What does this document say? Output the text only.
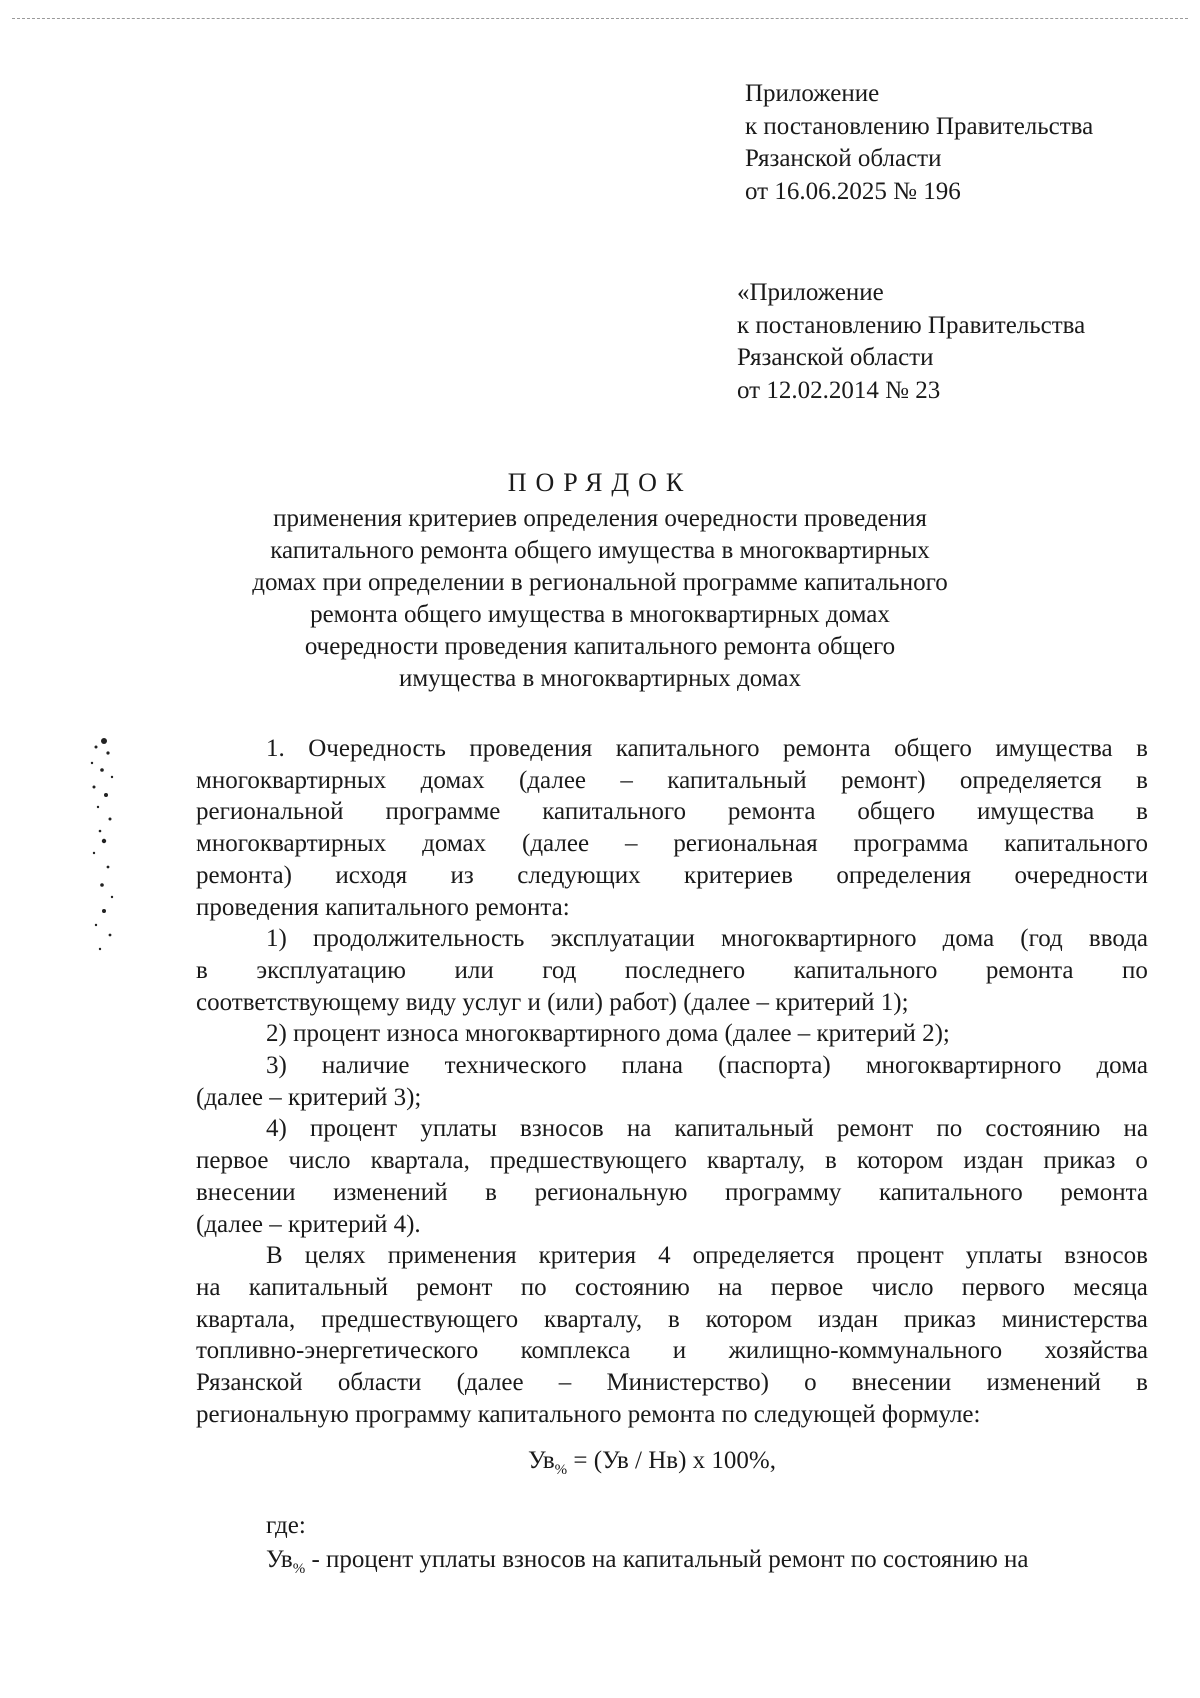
Приложение
к постановлению Правительства
Рязанской области
от 16.06.2025 № 196
«Приложение
к постановлению Правительства
Рязанской области
от 12.02.2014 № 23
ПОРЯДОК
применения критериев определения очередности проведения
капитального ремонта общего имущества в многоквартирных
домах при определении в региональной программе капитального
ремонта общего имущества в многоквартирных домах
очередности проведения капитального ремонта общего
имущества в многоквартирных домах
1. Очередность проведения капитального ремонта общего имущества в
многоквартирных домах (далее – капитальный ремонт) определяется в
региональной программе капитального ремонта общего имущества в
многоквартирных домах (далее – региональная программа капитального
ремонта) исходя из следующих критериев определения очередности
проведения капитального ремонта:
1) продолжительность эксплуатации многоквартирного дома (год ввода
в эксплуатацию или год последнего капитального ремонта по
соответствующему виду услуг и (или) работ) (далее – критерий 1);
2) процент износа многоквартирного дома (далее – критерий 2);
3) наличие технического плана (паспорта) многоквартирного дома
(далее – критерий 3);
4) процент уплаты взносов на капитальный ремонт по состоянию на
первое число квартала, предшествующего кварталу, в котором издан приказ о
внесении изменений в региональную программу капитального ремонта
(далее – критерий 4).
В целях применения критерия 4 определяется процент уплаты взносов
на капитальный ремонт по состоянию на первое число первого месяца
квартала, предшествующего кварталу, в котором издан приказ министерства
топливно-энергетического комплекса и жилищно-коммунального хозяйства
Рязанской области (далее – Министерство) о внесении изменений в
региональную программу капитального ремонта по следующей формуле:
$Ув_{\%} = (Ув / Нв)$ х 100%,
где:
$Ув_{\%}$ - процент уплаты взносов на капитальный ремонт по состоянию на
